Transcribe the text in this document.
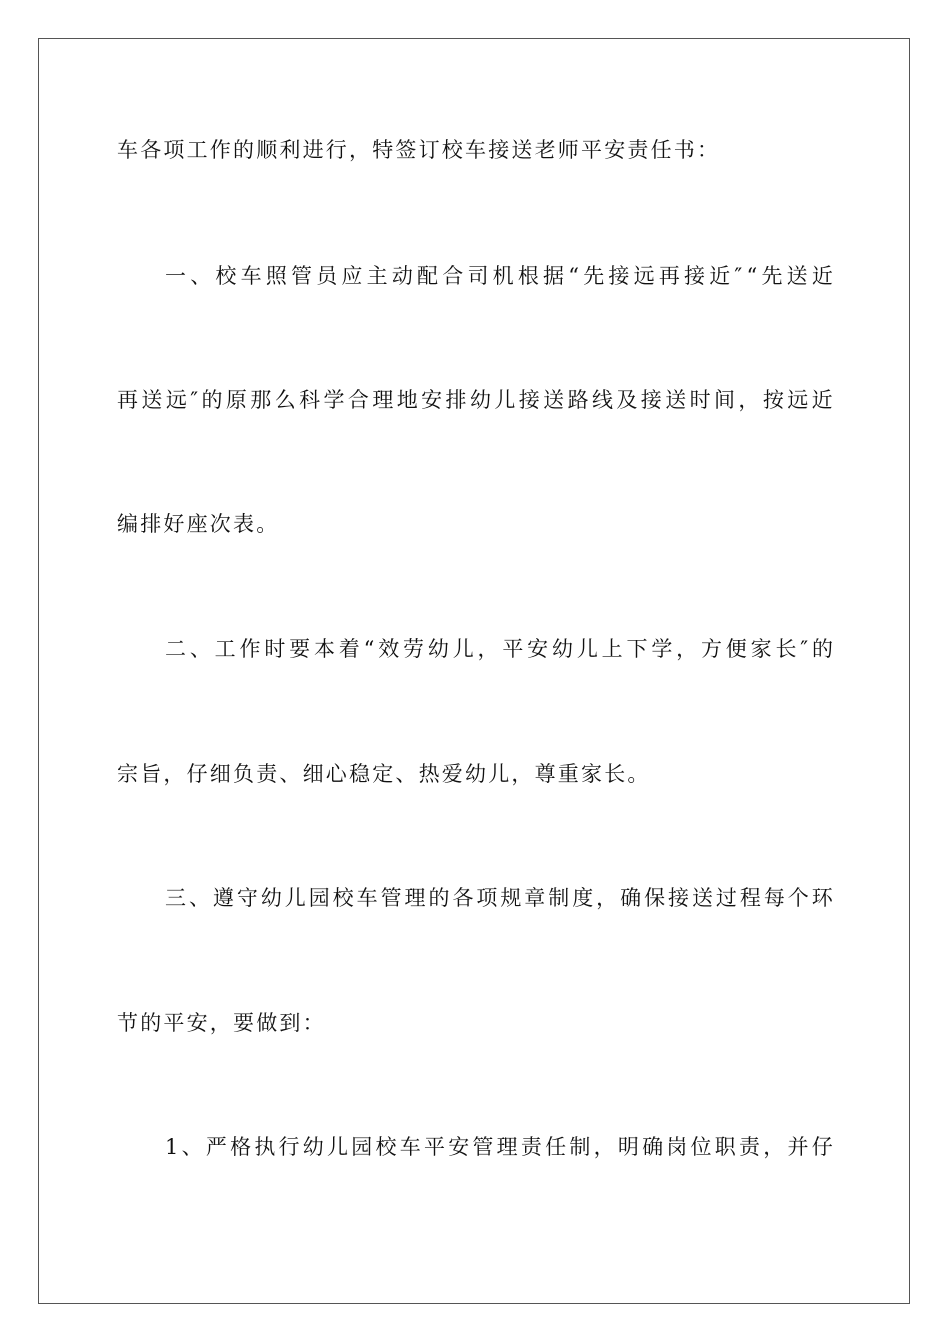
车各项工作的顺利进行，特签订校车接送老师平安责任书：
一 、 校 车 照 管 员 应 主 动 配 合 司 机 根 据 “ 先 接 远 再 接 近 ″ “ 先 送 近
再 送 远 ″ 的 原 那 么 科 学 合 理 地 安 排 幼 儿 接 送 路 线 及 接 送 时 间 ， 按 远 近
编排好座次表。
二 、 工 作 时 要 本 着 “ 效 劳 幼 儿 ， 平 安 幼 儿 上 下 学 ， 方 便 家 长 ″ 的
宗旨，仔细负责、细心稳定、热爱幼儿，尊重家长。
三 、 遵 守 幼 儿 园 校 车 管 理 的 各 项 规 章 制 度 ， 确 保 接 送 过 程 每 个 环
节的平安，要做到：
1 、 严 格 执 行 幼 儿 园 校 车 平 安 管 理 责 任 制 ， 明 确 岗 位 职 责 ， 并 仔
